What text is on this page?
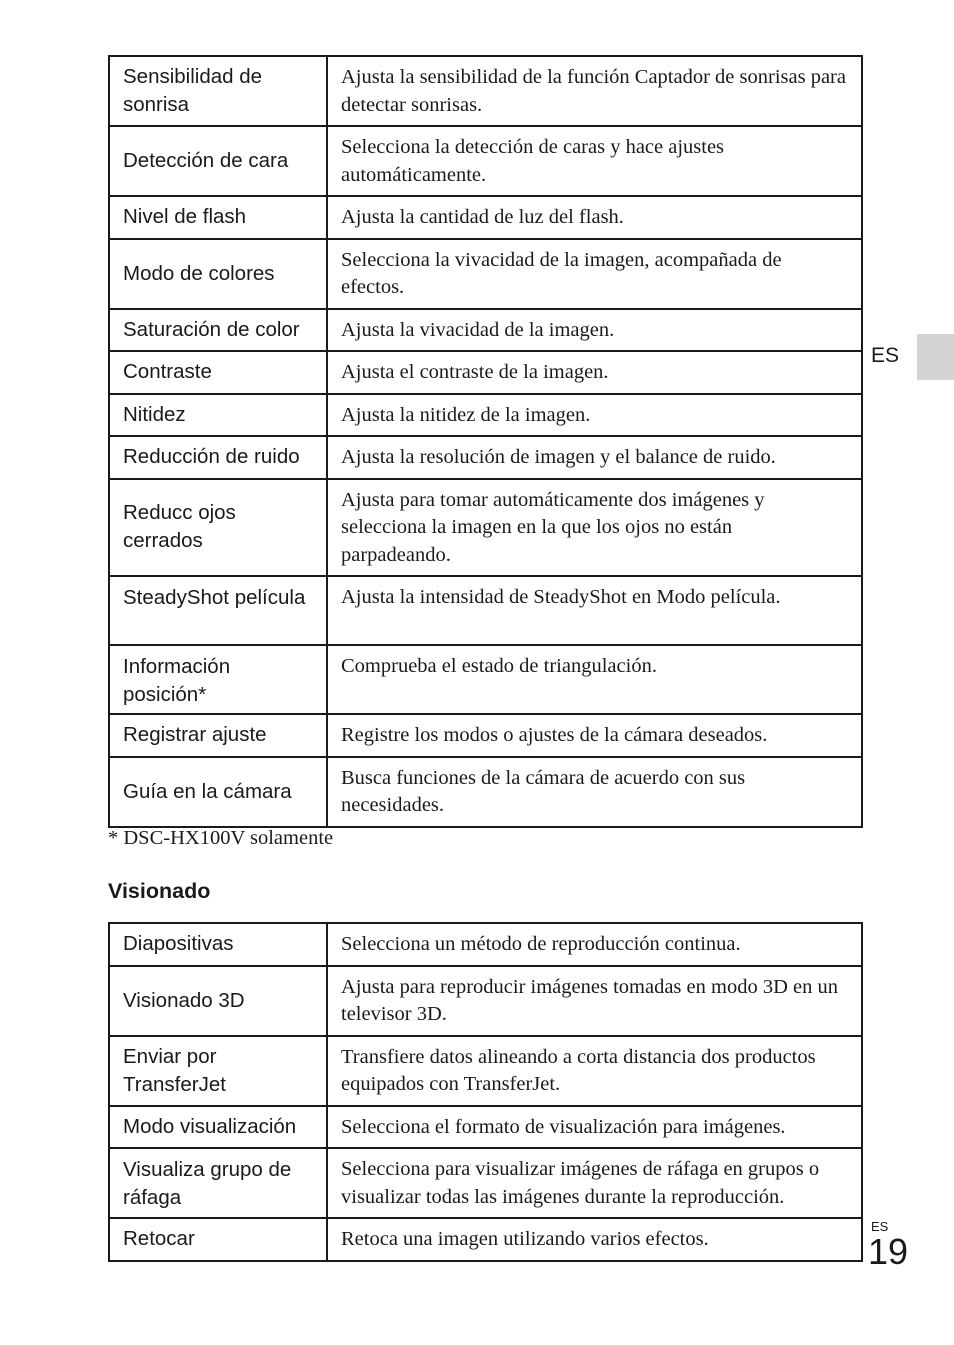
Sensibilidad de sonrisa	Ajusta la sensibilidad de la función Captador de sonrisas para detectar sonrisas.
Detección de cara	Selecciona la detección de caras y hace ajustes automáticamente.
Nivel de flash	Ajusta la cantidad de luz del flash.
Modo de colores	Selecciona la vivacidad de la imagen, acompañada de efectos.
Saturación de color	Ajusta la vivacidad de la imagen.
Contraste	Ajusta el contraste de la imagen.
Nitidez	Ajusta la nitidez de la imagen.
Reducción de ruido	Ajusta la resolución de imagen y el balance de ruido.
Reducc ojos cerrados	Ajusta para tomar automáticamente dos imágenes y selecciona la imagen en la que los ojos no están parpadeando.
SteadyShot película	Ajusta la intensidad de SteadyShot en Modo película.
Información posición*	Comprueba el estado de triangulación.
Registrar ajuste	Registre los modos o ajustes de la cámara deseados.
Guía en la cámara	Busca funciones de la cámara de acuerdo con sus necesidades.
* DSC-HX100V solamente
Visionado
Diapositivas	Selecciona un método de reproducción continua.
Visionado 3D	Ajusta para reproducir imágenes tomadas en modo 3D en un televisor 3D.
Enviar por TransferJet	Transfiere datos alineando a corta distancia dos productos equipados con TransferJet.
Modo visualización	Selecciona el formato de visualización para imágenes.
Visualiza grupo de ráfaga	Selecciona para visualizar imágenes de ráfaga en grupos o visualizar todas las imágenes durante la reproducción.
Retocar	Retoca una imagen utilizando varios efectos.
ES
ES
19
